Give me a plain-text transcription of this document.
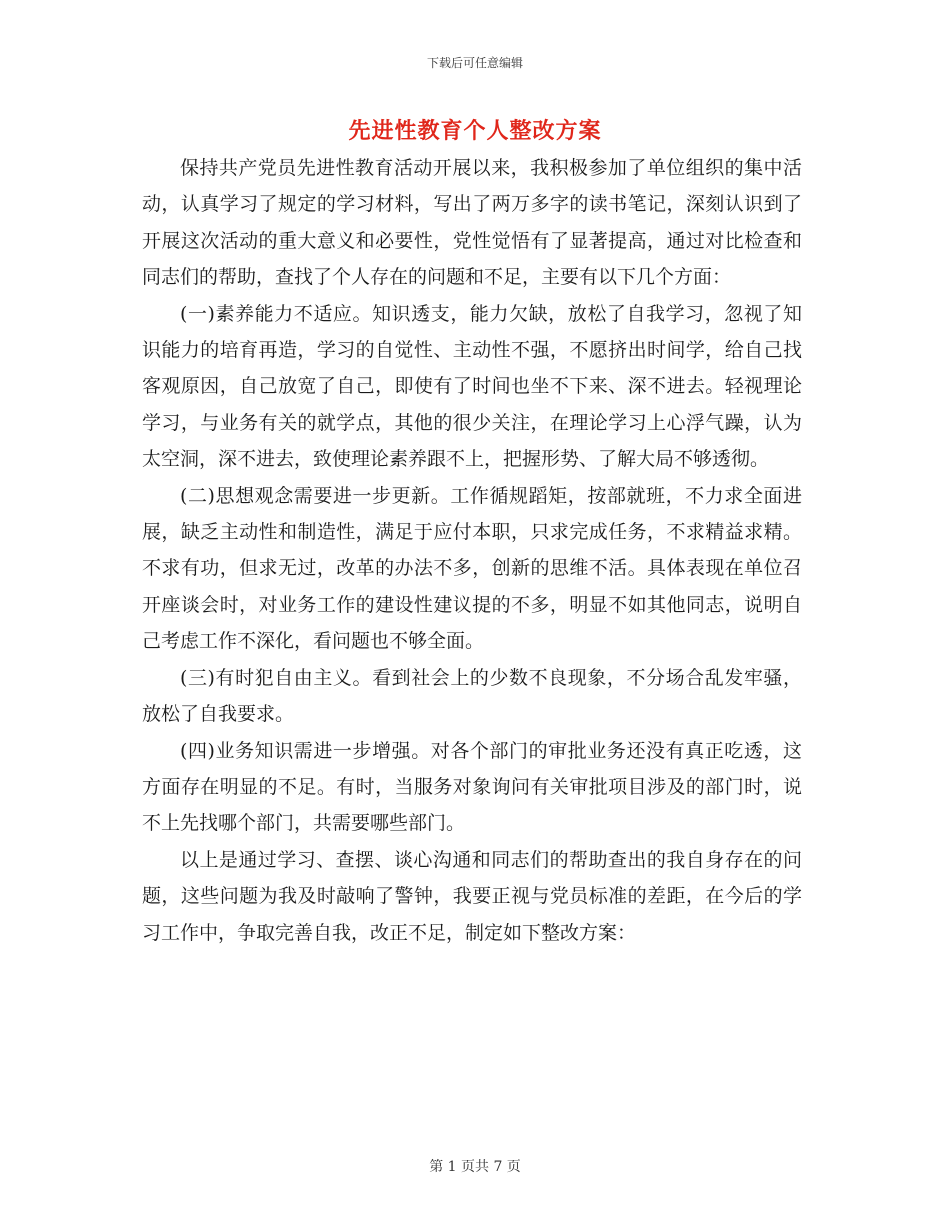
下载后可任意编辑
先进性教育个人整改方案

保持共产党员先进性教育活动开展以来，我积极参加了单位组织的集中活动，认真学习了规定的学习材料，写出了两万多字的读书笔记，深刻认识到了开展这次活动的重大意义和必要性，党性觉悟有了显著提高，通过对比检查和同志们的帮助，查找了个人存在的问题和不足，主要有以下几个方面：

(一)素养能力不适应。知识透支，能力欠缺，放松了自我学习，忽视了知识能力的培育再造，学习的自觉性、主动性不强，不愿挤出时间学，给自己找客观原因，自己放宽了自己，即使有了时间也坐不下来、深不进去。轻视理论学习，与业务有关的就学点，其他的很少关注，在理论学习上心浮气躁，认为太空洞，深不进去，致使理论素养跟不上，把握形势、了解大局不够透彻。

(二)思想观念需要进一步更新。工作循规蹈矩，按部就班，不力求全面进展，缺乏主动性和制造性，满足于应付本职，只求完成任务，不求精益求精。不求有功，但求无过，改革的办法不多，创新的思维不活。具体表现在单位召开座谈会时，对业务工作的建设性建议提的不多，明显不如其他同志，说明自己考虑工作不深化，看问题也不够全面。

(三)有时犯自由主义。看到社会上的少数不良现象，不分场合乱发牢骚，放松了自我要求。

(四)业务知识需进一步增强。对各个部门的审批业务还没有真正吃透，这方面存在明显的不足。有时，当服务对象询问有关审批项目涉及的部门时，说不上先找哪个部门，共需要哪些部门。

以上是通过学习、查摆、谈心沟通和同志们的帮助查出的我自身存在的问题，这些问题为我及时敲响了警钟，我要正视与党员标准的差距，在今后的学习工作中，争取完善自我，改正不足，制定如下整改方案：

第 1 页共 7 页
